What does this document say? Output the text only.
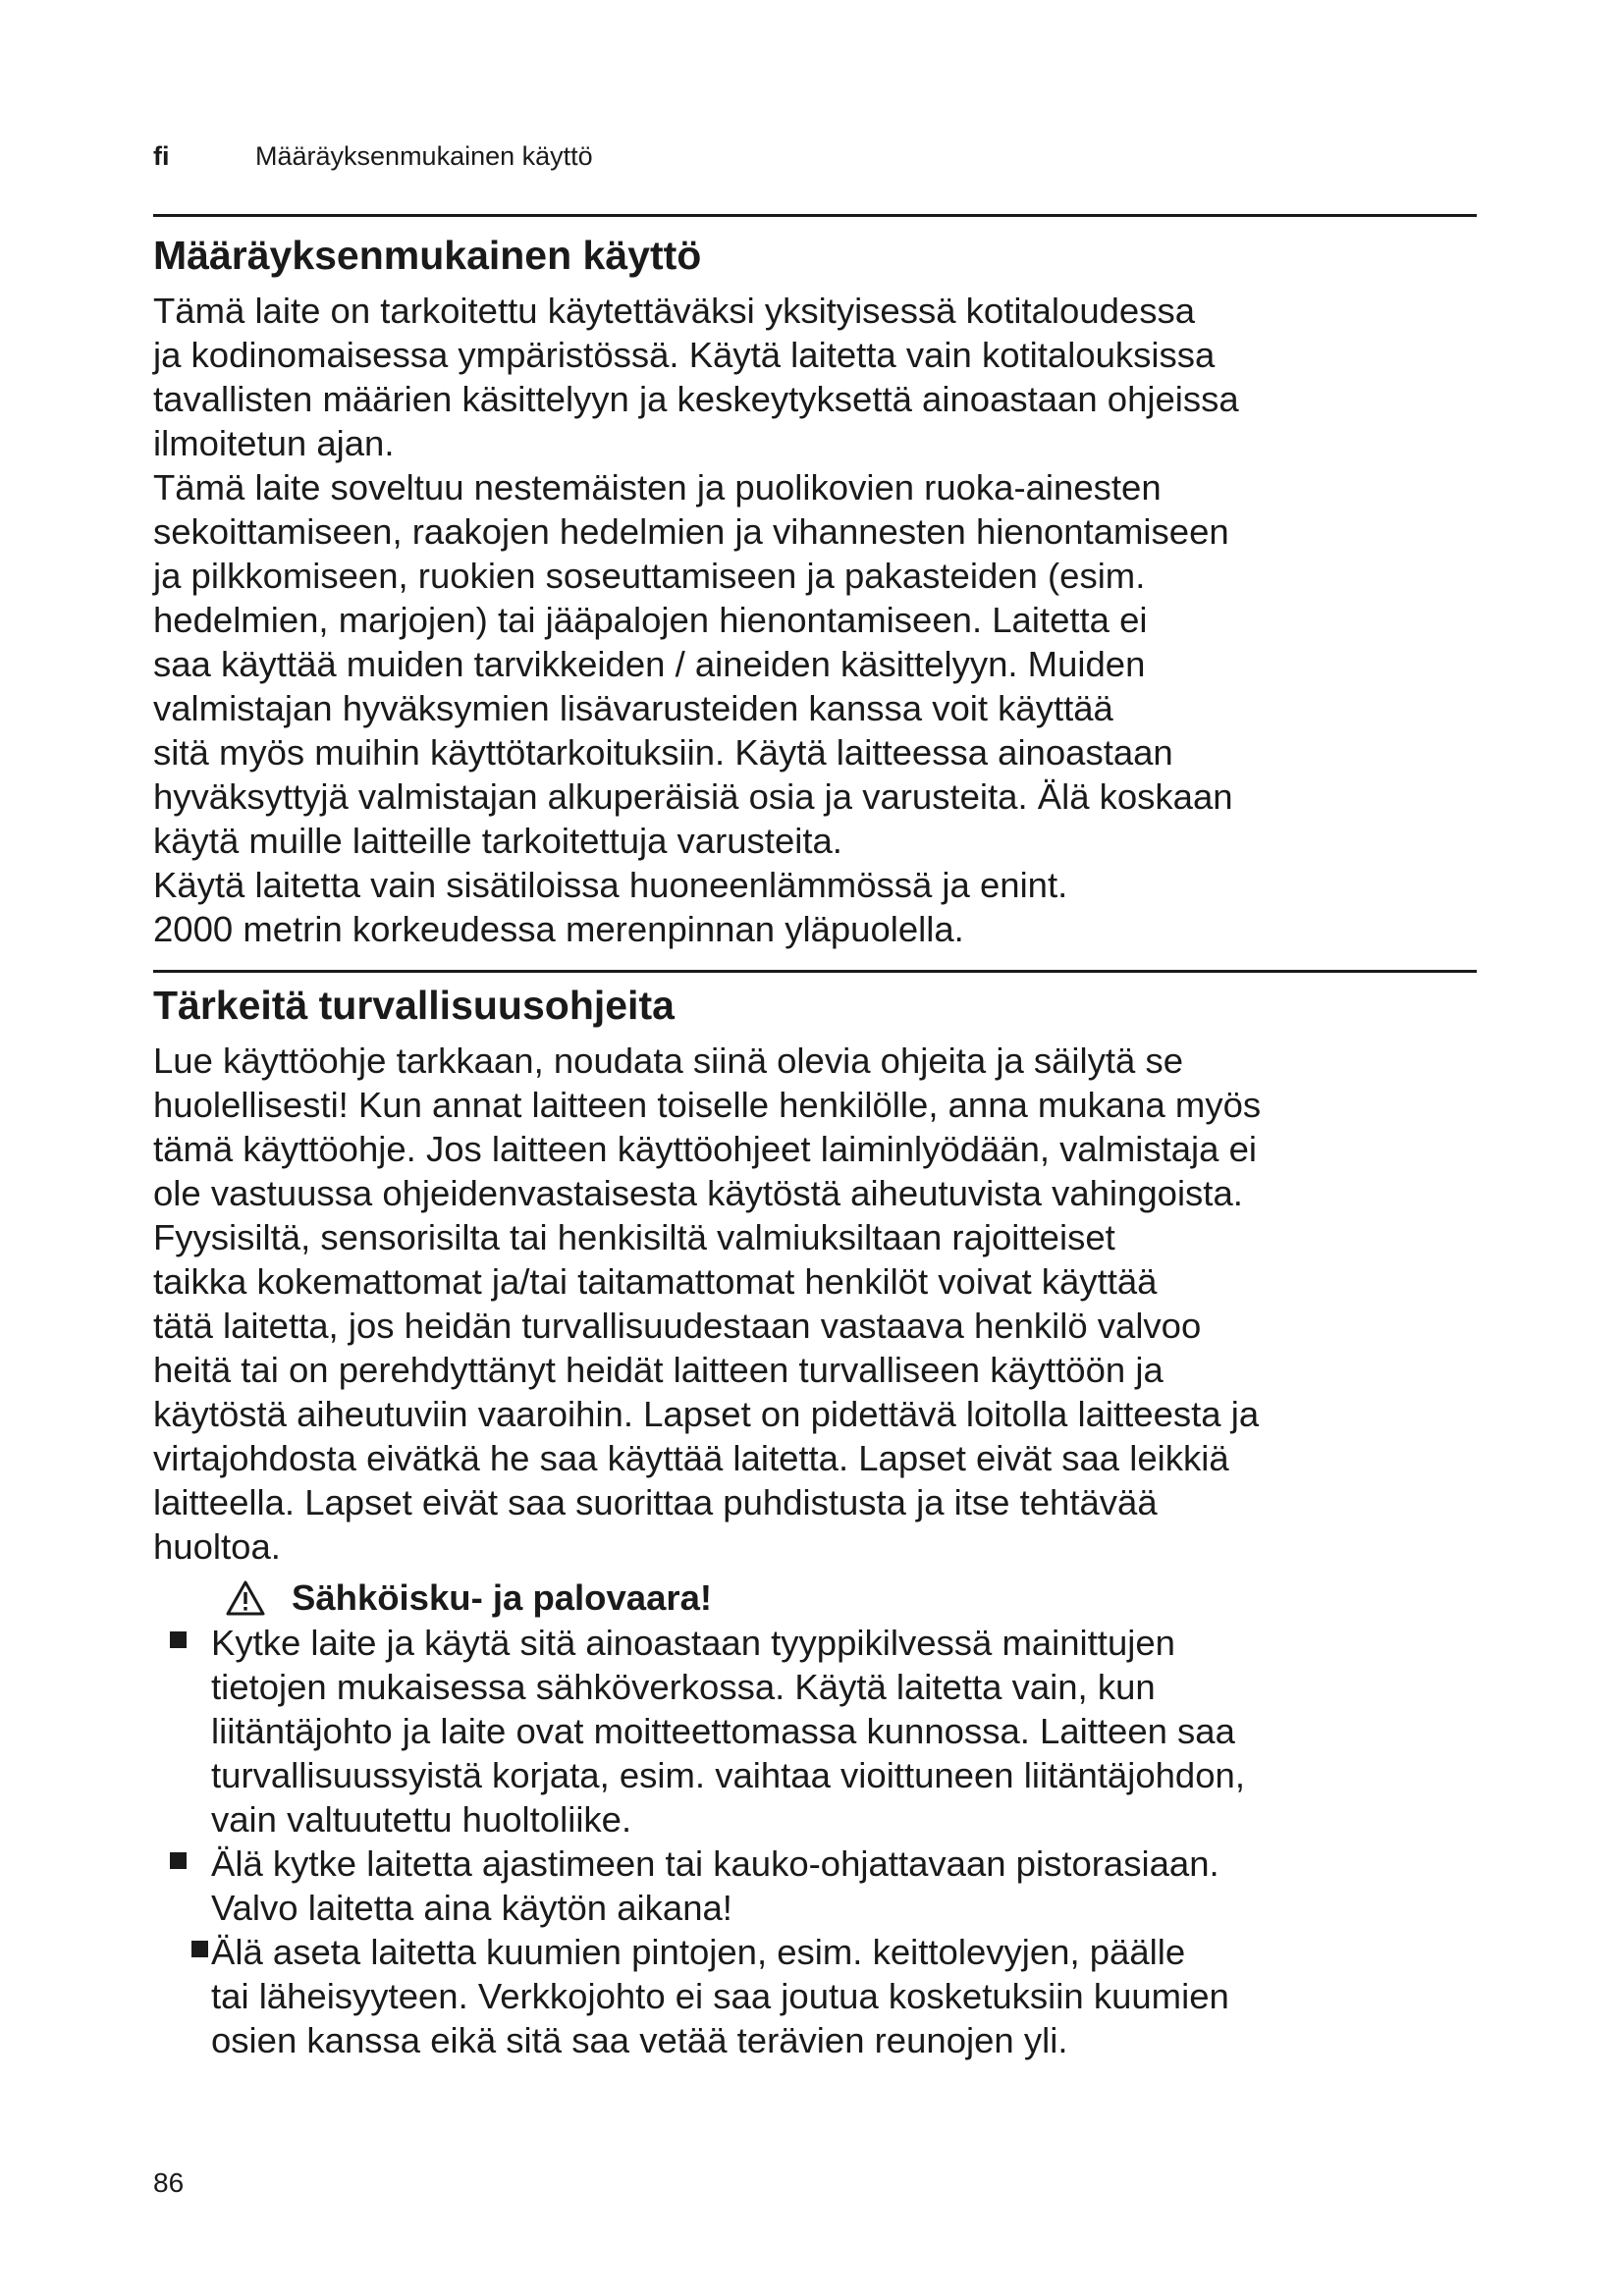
fi	Määräyksenmukainen käyttö
Määräyksenmukainen käyttö
Tämä laite on tarkoitettu käytettäväksi yksityisessä kotitaloudessa
ja kodinomaisessa ympäristössä. Käytä laitetta vain kotitalouksissa
tavallisten määrien käsittelyyn ja keskeytyksettä ainoastaan ohjeissa
ilmoitetun ajan.
Tämä laite soveltuu nestemäisten ja puolikovien ruoka-ainesten
sekoittamiseen, raakojen hedelmien ja vihannesten hienontamiseen
ja pilkkomiseen, ruokien soseuttamiseen ja pakasteiden (esim.
hedelmien, marjojen) tai jääpalojen hienontamiseen. Laitetta ei
saa käyttää muiden tarvikkeiden / aineiden käsittelyyn. Muiden
valmistajan hyväksymien lisävarusteiden kanssa voit käyttää
sitä myös muihin käyttötarkoituksiin. Käytä laitteessa ainoastaan
hyväksyttyjä valmistajan alkuperäisiä osia ja varusteita. Älä koskaan
käytä muille laitteille tarkoitettuja varusteita.
Käytä laitetta vain sisätiloissa huoneenlämmössä ja enint.
2000 metrin korkeudessa merenpinnan yläpuolella.
Tärkeitä turvallisuusohjeita
Lue käyttöohje tarkkaan, noudata siinä olevia ohjeita ja säilytä se
huolellisesti! Kun annat laitteen toiselle henkilölle, anna mukana myös
tämä käyttöohje. Jos laitteen käyttöohjeet laiminlyödään, valmistaja ei
ole vastuussa ohjeidenvastaisesta käytöstä aiheutuvista vahingoista.
Fyysisiltä, sensorisilta tai henkisiltä valmiuksiltaan rajoitteiset
taikka kokemattomat ja/tai taitamattomat henkilöt voivat käyttää
tätä laitetta, jos heidän turvallisuudestaan vastaava henkilö valvoo
heitä tai on perehdyttänyt heidät laitteen turvalliseen käyttöön ja
käytöstä aiheutuviin vaaroihin. Lapset on pidettävä loitolla laitteesta ja
virtajohdosta eivätkä he saa käyttää laitetta. Lapset eivät saa leikkiä
laitteella. Lapset eivät saa suorittaa puhdistusta ja itse tehtävää
huoltoa.
Sähköisku- ja palovaara!
Kytke laite ja käytä sitä ainoastaan tyyppikilvessä mainittujen
tietojen mukaisessa sähköverkossa. Käytä laitetta vain, kun
liitäntäjohto ja laite ovat moitteettomassa kunnossa. Laitteen saa
turvallisuussyistä korjata, esim. vaihtaa vioittuneen liitäntäjohdon,
vain valtuutettu huoltoliike.
Älä kytke laitetta ajastimeen tai kauko-ohjattavaan pistorasiaan.
Valvo laitetta aina käytön aikana!
Älä aseta laitetta kuumien pintojen, esim. keittolevyjen, päälle
tai läheisyyteen. Verkkojohto ei saa joutua kosketuksiin kuumien
osien kanssa eikä sitä saa vetää terävien reunojen yli.
86
